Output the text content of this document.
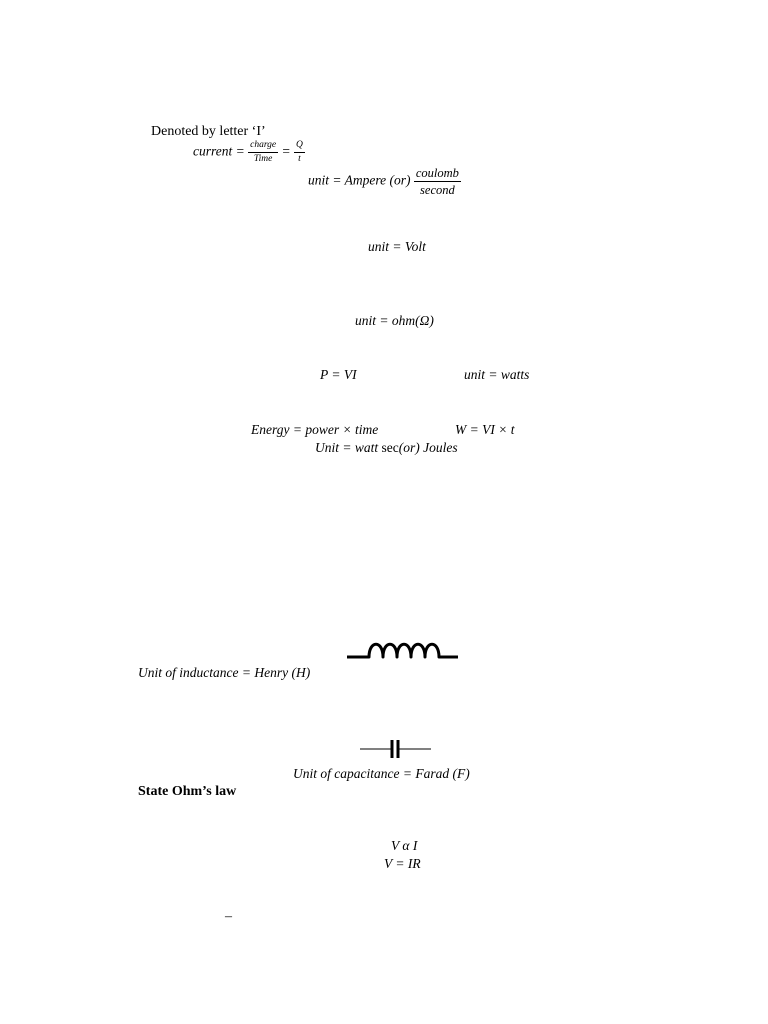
Denoted by letter ‘I’
current = $\frac{\text{charge}}{\text{Time}} = \frac{Q}{t}$
unit = Ampere $(or) \frac{\text{coulomb}}{\text{second}}$
unit = Volt
unit = ohm(Ω)
P = VI	unit = watts
Energy = power × time	W = VI × t
Unit = watt sec(or) Joules
Unit of inductance = Henry (H)
Unit of capacitance = Farad (F)
State Ohm’s law
V α I
V = IR
–
